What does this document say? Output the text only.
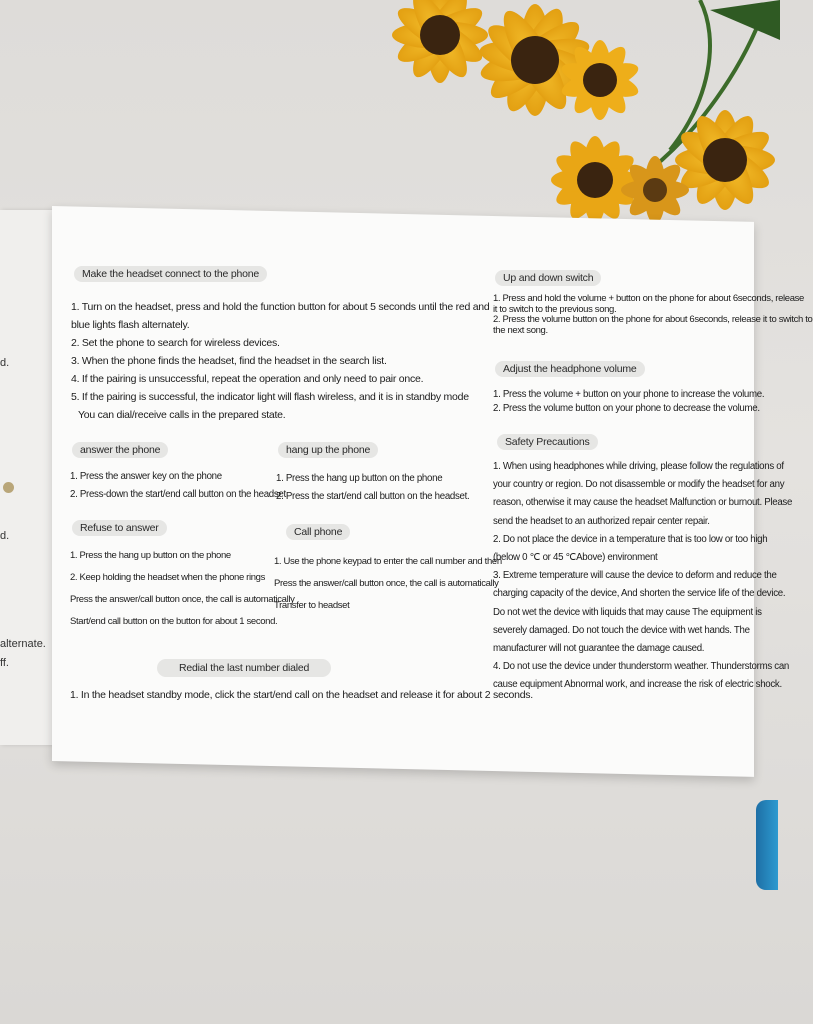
d.
d.
alternate.
ff.
Make the headset connect to the phone
1. Turn on the headset, press and hold the function button for about 5 seconds until the red and
blue lights flash alternately.
2. Set the phone to search for wireless devices.
3. When the phone finds the headset, find the headset in the search list.
4. If the pairing is unsuccessful, repeat the operation and only need to pair once.
5. If the pairing is successful, the indicator light will flash wireless, and it is in standby mode
You can dial/receive calls in the prepared state.
answer the phone
1. Press the answer key on the phone
2. Press-down the start/end call button on the headset
hang up the phone
1. Press the hang up button on the phone
2. Press the start/end call button on the headset.
Refuse to answer
1. Press the hang up button on the phone
2. Keep holding the headset when the phone rings
Press the answer/call button once, the call is automatically
Start/end call button on the button for about 1 second.
Call phone
1. Use the phone keypad to enter the call number and then
Press the answer/call button once, the call is automatically
Transfer to headset
Redial the last number dialed
1. In the headset standby mode, click the start/end call on the headset and release it for about 2 seconds.
Up and down switch
1. Press and hold the volume + button on the phone for about 6seconds, release
it to switch to the previous song.
2. Press the volume button on the phone for about 6seconds, release it to switch to
the next song.
Adjust the headphone volume
1. Press the volume + button on your phone to increase the volume.
2. Press the volume button on your phone to decrease the volume.
Safety Precautions
1. When using headphones while driving, please follow the regulations of
your country or region. Do not disassemble or modify the headset for any
reason, otherwise it may cause the headset Malfunction or burnout. Please
send the headset to an authorized repair center repair.
2. Do not place the device in a temperature that is too low or too high
(below 0 ℃ or 45 ℃Above) environment
3. Extreme temperature will cause the device to deform and reduce the
charging capacity of the device, And shorten the service life of the device.
Do not wet the device with liquids that may cause The equipment is
severely damaged. Do not touch the device with wet hands. The
manufacturer will not guarantee the damage caused.
4. Do not use the device under thunderstorm weather. Thunderstorms can
cause equipment Abnormal work, and increase the risk of electric shock.
